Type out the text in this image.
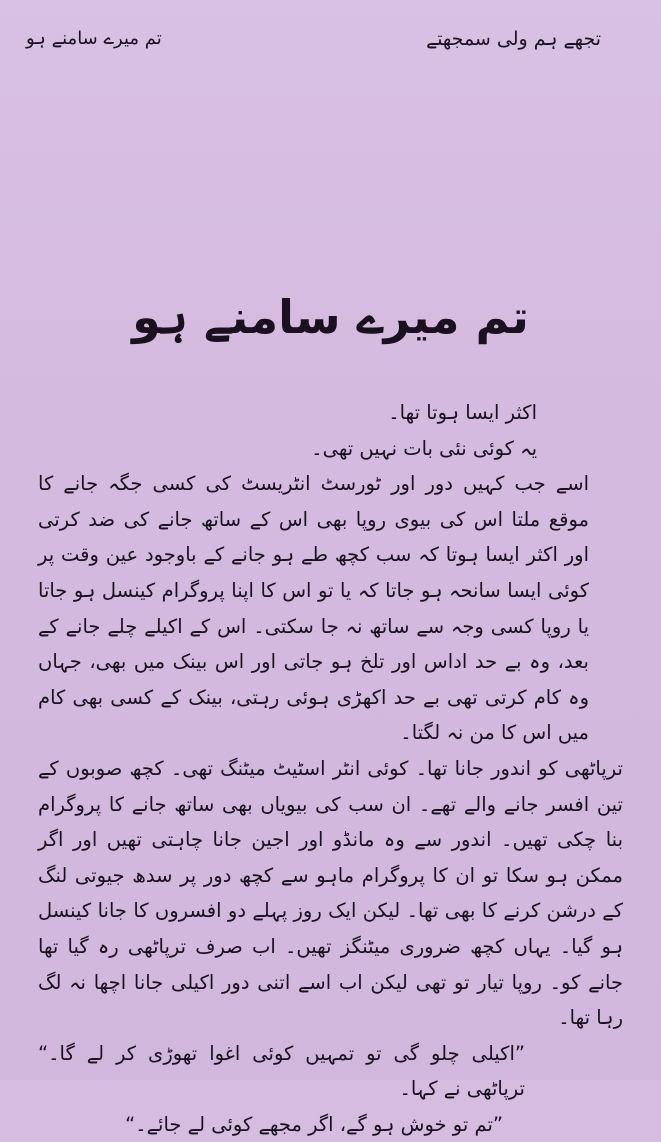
تجھے ہم ولی سمجھتے
تم میرے سامنے ہو
تم میرے سامنے ہو

اکثر ایسا ہوتا تھا۔

یہ کوئی نئی بات نہیں تھی۔

اسے جب کہیں دور اور ٹورسٹ انٹریسٹ کی کسی جگہ جانے کا موقع ملتا اس کی بیوی روپا بھی اس کے ساتھ جانے کی ضد کرتی اور اکثر ایسا ہوتا کہ سب کچھ طے ہو جانے کے باوجود عین وقت پر کوئی ایسا سانحہ ہو جاتا کہ یا تو اس کا اپنا پروگرام کینسل ہو جاتا یا روپا کسی وجہ سے ساتھ نہ جا سکتی۔ اس کے اکیلے چلے جانے کے بعد، وہ بے حد اداس اور تلخ ہو جاتی اور اس بینک میں بھی، جہاں وہ کام کرتی تھی بے حد اکھڑی ہوئی رہتی، بینک کے کسی بھی کام میں اس کا من نہ لگتا۔

ترپاٹھی کو اندور جانا تھا۔ کوئی انٹر اسٹیٹ میٹنگ تھی۔ کچھ صوبوں کے تین افسر جانے والے تھے۔ ان سب کی بیویاں بھی ساتھ جانے کا پروگرام بنا چکی تھیں۔ اندور سے وہ مانڈو اور اجین جانا چاہتی تھیں اور اگر ممکن ہو سکا تو ان کا پروگرام ماہو سے کچھ دور پر سدھ جیوتی لنگ کے درشن کرنے کا بھی تھا۔ لیکن ایک روز پہلے دو افسروں کا جانا کینسل ہو گیا۔ یہاں کچھ ضروری میٹنگز تھیں۔ اب صرف ترپاٹھی رہ گیا تھا جانے کو۔ روپا تیار تو تھی لیکن اب اسے اتنی دور اکیلی جانا اچھا نہ لگ رہا تھا۔

”اکیلی چلو گی تو تمہیں کوئی اغوا تھوڑی کر لے گا۔“ ترپاٹھی نے کہا۔

”تم تو خوش ہو گے، اگر مجھے کوئی لے جائے۔“
